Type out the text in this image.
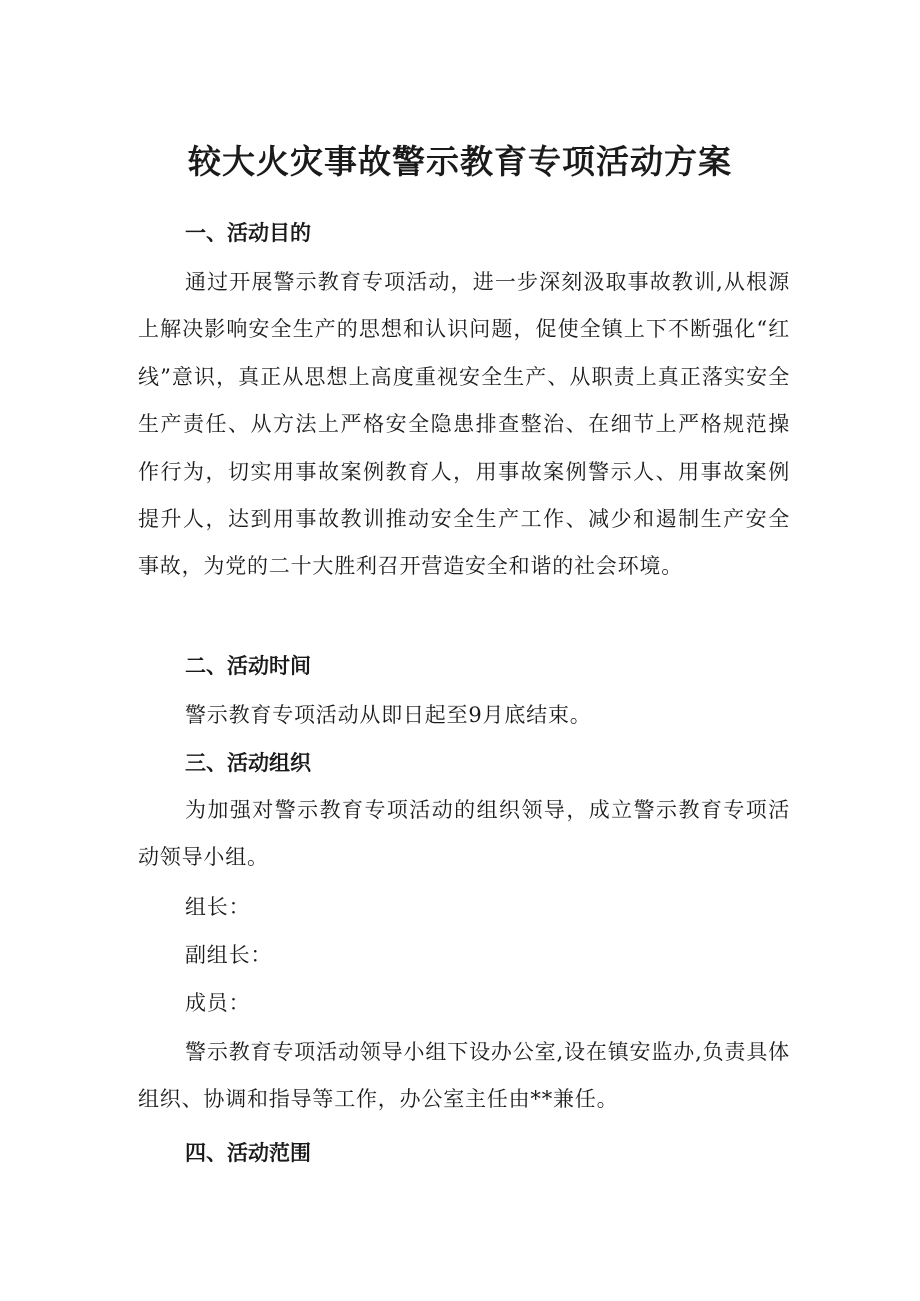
较大火灾事故警示教育专项活动方案
一、活动目的

通过开展警示教育专项活动，进一步深刻汲取事故教训,从根源上解决影响安全生产的思想和认识问题，促使全镇上下不断强化“红线”意识，真正从思想上高度重视安全生产、从职责上真正落实安全生产责任、从方法上严格安全隐患排查整治、在细节上严格规范操作行为，切实用事故案例教育人，用事故案例警示人、用事故案例提升人，达到用事故教训推动安全生产工作、减少和遏制生产安全事故，为党的二十大胜利召开营造安全和谐的社会环境。

二、活动时间

警示教育专项活动从即日起至9月底结束。

三、活动组织

为加强对警示教育专项活动的组织领导，成立警示教育专项活动领导小组。

组长：

副组长：

成员：

警示教育专项活动领导小组下设办公室,设在镇安监办,负责具体组织、协调和指导等工作，办公室主任由**兼任。

四、活动范围
